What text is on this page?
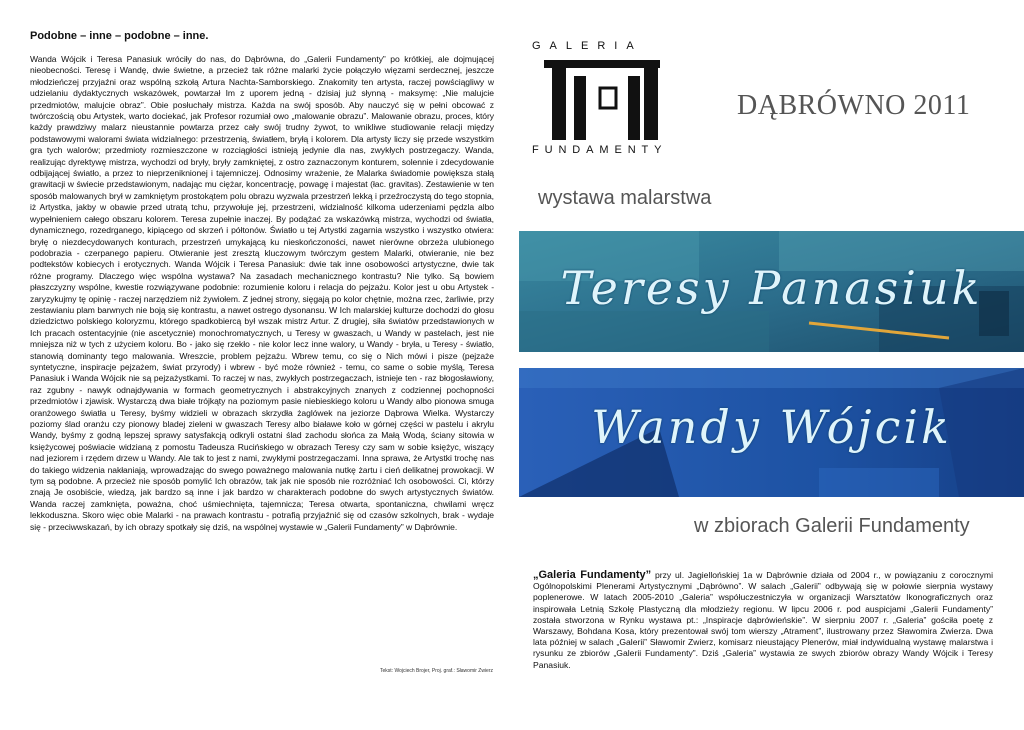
Podobne – inne – podobne – inne.

Wanda Wójcik i Teresa Panasiuk wróciły do nas, do Dąbrówna, do „Galerii Fundamenty” po krótkiej, ale dojmującej nieobecności. Teresę i Wandę, dwie świetne, a przecież tak różne malarki życie połączyło więzami serdecznej, jeszcze młodzieńczej przyjaźni oraz wspólną szkołą Artura Nachta-Samborskiego. Znakomity ten artysta, raczej powściągliwy w udzielaniu dydaktycznych wskazówek, powtarzał Im z uporem jedną - dzisiaj już słynną - maksymę: „Nie malujcie przedmiotów, malujcie obraz”. Obie posłuchały mistrza. Każda na swój sposób. Aby nauczyć się w pełni obcować z twórczością obu Artystek, warto dociekać, jak Profesor rozumiał owo „malowanie obrazu”. Malowanie obrazu, proces, który każdy prawdziwy malarz nieustannie powtarza przez cały swój trudny żywot, to wnikliwe studiowanie relacji między podstawowymi walorami świata widzialnego: przestrzenią, światłem, bryłą i kolorem. Dla artysty liczy się przede wszystkim gra tych walorów; przedmioty rozmieszczone w rozciągłości istnieją jedynie dla nas, zwykłych postrzegaczy. Wanda, realizując dyrektywę mistrza, wychodzi od bryły, bryły zamkniętej, z ostro zaznaczonym konturem, solennie i zdecydowanie odbijającej światło, a przez to nieprzeniknionej i tajemniczej. Odnosimy wrażenie, że Malarka świadomie powiększa stałą grawitacji w świecie przedstawionym, nadając mu ciężar, koncentrację, powagę i majestat (łac. gravitas). Zestawienie w ten sposób malowanych brył w zamkniętym prostokątem polu obrazu wyzwala przestrzeń lekką i przeźroczystą do tego stopnia, iż Artystka, jakby w obawie przed utratą tchu, przywołuje jej, przestrzeni, widzialność kilkoma uderzeniami pędzla albo wypełnieniem całego obszaru kolorem. Teresa zupełnie inaczej. By podążać za wskazówką mistrza, wychodzi od światła, dynamicznego, rozedrganego, kipiącego od skrzeń i półtonów. Światło u tej Artystki zagarnia wszystko i wszystko otwiera: bryłę o niezdecydowanych konturach, przestrzeń umykającą ku nieskończoności, nawet nierówne obrzeża ulubionego podobrazia - czerpanego papieru. Otwieranie jest zresztą kluczowym twórczym gestem Malarki, otwieranie, nie bez podtekstów kobiecych i erotycznych. Wanda Wójcik i Teresa Panasiuk: dwie tak inne osobowości artystyczne, dwie tak różne programy. Dlaczego więc wspólna wystawa? Na zasadach mechanicznego kontrastu? Nie tylko. Są bowiem płaszczyzny wspólne, kwestie rozwiązywane podobnie: rozumienie koloru i relacja do pejzażu. Kolor jest u obu Artystek - zaryzykujmy tę opinię - raczej narzędziem niż żywiołem. Z jednej strony, sięgają po kolor chętnie, można rzec, żarliwie, przy zestawianiu plam barwnych nie boją się kontrastu, a nawet ostrego dysonansu. W Ich malarskiej kulturze dochodzi do głosu dziedzictwo polskiego koloryzmu, którego spadkobiercą był wszak mistrz Artur. Z drugiej, siła światów przedstawionych w Ich pracach ostentacyjnie (nie ascetycznie) monochromatycznych, u Teresy w gwaszach, u Wandy w pastelach, jest nie mniejsza niż w tych z użyciem koloru. Bo - jako się rzekło - nie kolor lecz inne walory, u Wandy - bryła, u Teresy - światło, stanowią dominanty tego malowania. Wreszcie, problem pejzażu. Wbrew temu, co się o Nich mówi i pisze (pejzaże syntetyczne, inspiracje pejzażem, świat przyrody) i wbrew - być może również - temu, co same o sobie myślą, Teresa Panasiuk i Wanda Wójcik nie są pejzażystkami. To raczej w nas, zwykłych postrzegaczach, istnieje ten - raz błogosławiony, raz zgubny - nawyk odnajdywania w formach geometrycznych i abstrakcyjnych znanych z codziennej pochopności przedmiotów i zjawisk. Wystarczą dwa białe trójkąty na poziomym pasie niebieskiego koloru u Wandy albo pionowa smuga oranżowego światła u Teresy, byśmy widzieli w obrazach skrzydła żaglówek na jeziorze Dąbrowa Wielka. Wystarczy poziomy ślad oranżu czy pionowy bladej zieleni w gwaszach Teresy albo białawe koło w górnej części w pastelu i akrylu Wandy, byśmy z godną lepszej sprawy satysfakcją odkryli ostatni ślad zachodu słońca za Małą Wodą, ściany sitowia w księżycowej poświacie widzianą z pomostu Tadeusza Rucińskiego w obrazach Teresy czy sam w sobie księżyc, wiszący nad jeziorem i rzędem drzew u Wandy. Ale tak to jest z nami, zwykłymi postrzegaczami. Inna sprawa, że Artystki trochę nas do takiego widzenia nakłaniają, wprowadzając do swego poważnego malowania nutkę żartu i cień delikatnej prowokacji. W tym są podobne. A przecież nie sposób pomylić Ich obrazów, tak jak nie sposób nie rozróżniać Ich osobowości. Ci, którzy znają Je osobiście, wiedzą, jak bardzo są inne i jak bardzo w charakterach podobne do swych artystycznych światów. Wanda raczej zamknięta, poważna, choć uśmiechnięta, tajemnicza; Teresa otwarta, spontaniczna, chwilami wręcz lekkoduszna. Skoro więc obie Malarki - na prawach kontrastu - potrafią przyjaźnić się od czasów szkolnych, brak - wydaje się - przeciwwskazań, by ich obrazy spotkały się dziś, na wspólnej wystawie w „Galerii Fundamenty” w Dąbrównie.

Tekst: Wojciech Brojer, Proj. graf.: Sławomir Zwierz
GALERIA
FUNDAMENTY
DĄBRÓWNO 2011
wystawa malarstwa
Teresy Panasiuk
Wandy Wójcik
w zbiorach Galerii Fundamenty

„Galeria Fundamenty” przy ul. Jagiellońskiej 1a w Dąbrównie działa od 2004 r., w powiązaniu z corocznymi Ogólnopolskimi Plenerami Artystycznymi „Dąbrówno”. W salach „Galerii” odbywają się w połowie sierpnia wystawy poplenerowe. W latach 2005-2010 „Galeria” współuczestniczyła w organizacji Warsztatów Ikonograficznych oraz inspirowała Letnią Szkołę Plastyczną dla młodzieży regionu. W lipcu 2006 r. pod auspicjami „Galerii Fundamenty” została stworzona w Rynku wystawa pt.: „Inspiracje dąbrówieńskie”. W sierpniu 2007 r. „Galeria” gościła poetę z Warszawy, Bohdana Kosa, który prezentował swój tom wierszy „Atrament”, ilustrowany przez Sławomira Zwierza. Dwa lata później w salach „Galerii” Sławomir Zwierz, komisarz nieustający Plenerów, miał indywidualną wystawę malarstwa i rysunku ze zbiorów „Galerii Fundamenty”. Dziś „Galeria” wystawia ze swych zbiorów obrazy Wandy Wójcik i Teresy Panasiuk.
